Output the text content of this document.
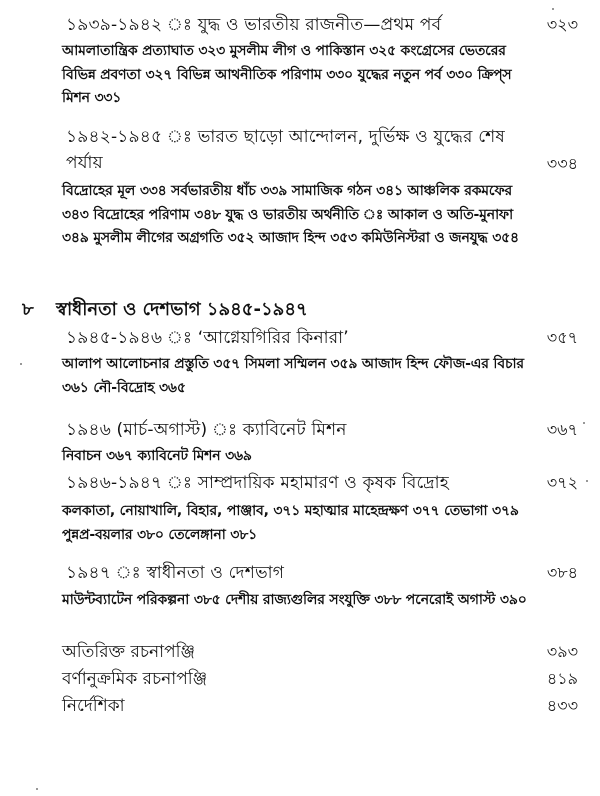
১৯৩৯-১৯৪২ ঃ যুদ্ধ ও ভারতীয় রাজনীত—প্রথম পর্ব	৩২৩
আমলাতান্ত্রিক প্রত্যাঘাত ৩২৩ মুসলীম লীগ ও পাকিস্তান ৩২৫ কংগ্রেসের ভেতরের বিভিন্ন প্রবণতা ৩২৭ বিভিন্ন আথনীতিক পরিণাম ৩৩০ যুদ্ধের নতুন পর্ব ৩৩০ ক্রিপ্‌স মিশন ৩৩১
১৯৪২-১৯৪৫ ঃ ভারত ছাড়ো আন্দোলন, দুর্ভিক্ষ ও যুদ্ধের শেষ পর্যায়	৩৩৪
বিদ্রোহের মূল ৩৩৪ সর্বভারতীয় ধাঁচ ৩৩৯ সামাজিক গঠন ৩৪১ আঞ্চলিক রকমফের ৩৪৩ বিদ্রোহের পরিণাম ৩৪৮ যুদ্ধ ও ভারতীয় অর্থনীতি ঃ আকাল ও অতি-মুনাফা ৩৪৯ মুসলীম লীগের অগ্রগতি ৩৫২ আজাদ হিন্দ ৩৫৩ কমিউনিস্টরা ও জনযুদ্ধ ৩৫৪
৮ স্বাধীনতা ও দেশভাগ ১৯৪৫-১৯৪৭
১৯৪৫-১৯৪৬ ঃ ‘আগ্নেয়গিরির কিনারা’	৩৫৭
আলাপ আলোচনার প্রস্তুতি ৩৫৭ সিমলা সম্মিলন ৩৫৯ আজাদ হিন্দ ফৌজ-এর বিচার ৩৬১ নৌ-বিদ্রোহ ৩৬৫
১৯৪৬ (মার্চ-অগাস্ট) ঃ ক্যাবিনেট মিশন	৩৬৭
নিবাচন ৩৬৭ ক্যাবিনেট মিশন ৩৬৯
১৯৪৬-১৯৪৭ ঃ সাম্প্রদায়িক মহামারণ ও কৃষক বিদ্রোহ	৩৭২
কলকাতা, নোয়াখালি, বিহার, পাঞ্জাব, ৩৭১ মহাত্মার মাহেন্দ্রক্ষণ ৩৭৭ তেভাগা ৩৭৯ পুন্নপ্র-বয়লার ৩৮০ তেলেঙ্গানা ৩৮১
১৯৪৭ ঃ স্বাধীনতা ও দেশভাগ	৩৮৪
মাউন্টব্যাটেন পরিকল্পনা ৩৮৫ দেশীয় রাজ্যগুলির সংযুক্তি ৩৮৮ পনেরোই অগাস্ট ৩৯০
অতিরিক্ত রচনাপঞ্জি	৩৯৩
বর্ণানুক্রমিক রচনাপঞ্জি	৪১৯
নির্দেশিকা	৪৩৩
